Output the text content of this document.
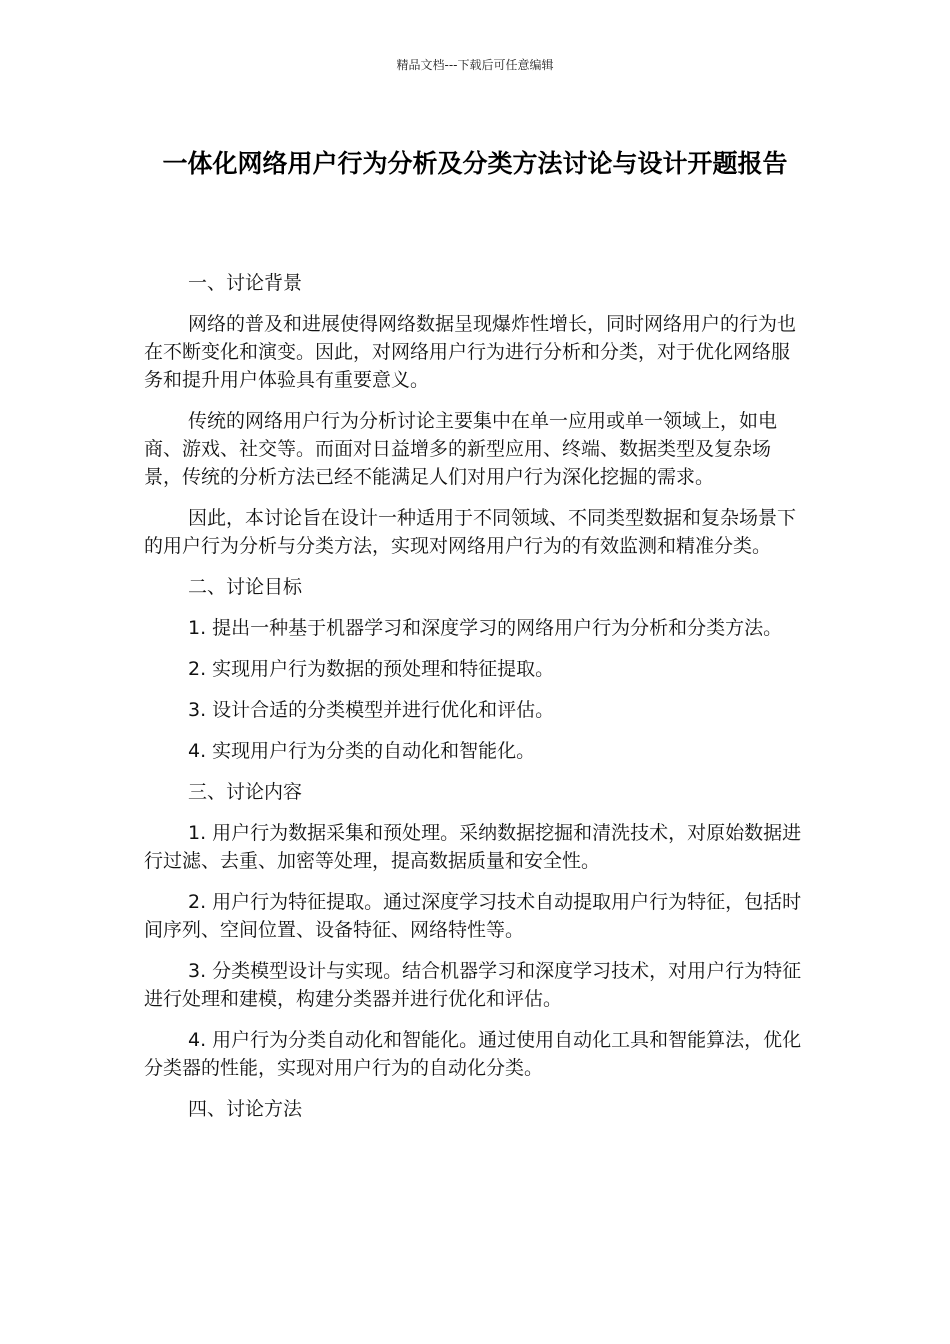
精品文档---下载后可任意编辑
一体化网络用户行为分析及分类方法讨论与设计开题报告

一、讨论背景

网络的普及和进展使得网络数据呈现爆炸性增长，同时网络用户的行为也在不断变化和演变。因此，对网络用户行为进行分析和分类，对于优化网络服务和提升用户体验具有重要意义。

传统的网络用户行为分析讨论主要集中在单一应用或单一领域上，如电商、游戏、社交等。而面对日益增多的新型应用、终端、数据类型及复杂场景，传统的分析方法已经不能满足人们对用户行为深化挖掘的需求。

因此，本讨论旨在设计一种适用于不同领域、不同类型数据和复杂场景下的用户行为分析与分类方法，实现对网络用户行为的有效监测和精准分类。

二、讨论目标

1. 提出一种基于机器学习和深度学习的网络用户行为分析和分类方法。

2. 实现用户行为数据的预处理和特征提取。

3. 设计合适的分类模型并进行优化和评估。

4. 实现用户行为分类的自动化和智能化。

三、讨论内容

1. 用户行为数据采集和预处理。采纳数据挖掘和清洗技术，对原始数据进行过滤、去重、加密等处理，提高数据质量和安全性。

2. 用户行为特征提取。通过深度学习技术自动提取用户行为特征，包括时间序列、空间位置、设备特征、网络特性等。

3. 分类模型设计与实现。结合机器学习和深度学习技术，对用户行为特征进行处理和建模，构建分类器并进行优化和评估。

4. 用户行为分类自动化和智能化。通过使用自动化工具和智能算法，优化分类器的性能，实现对用户行为的自动化分类。

四、讨论方法
